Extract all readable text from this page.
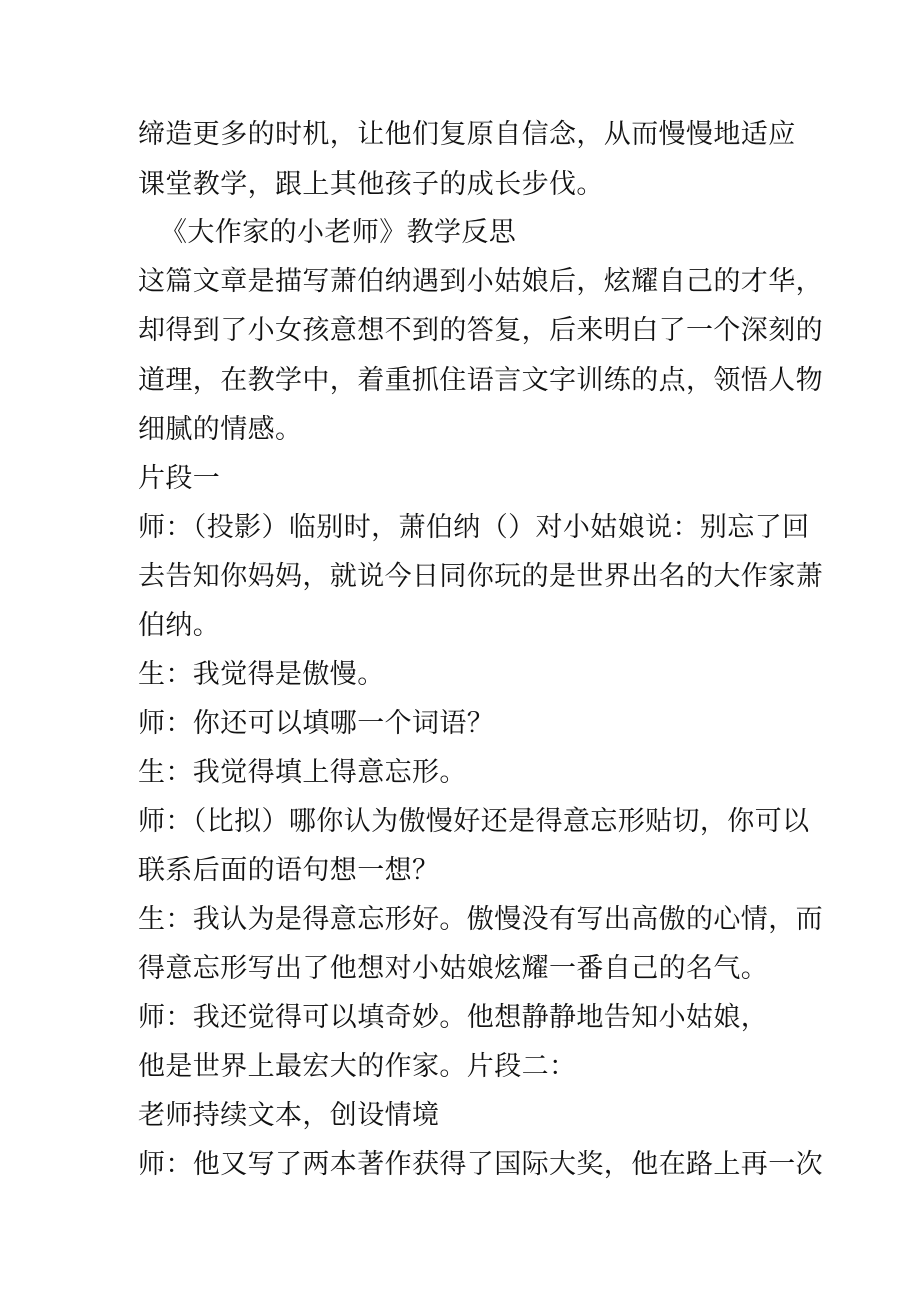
缔造更多的时机，让他们复原自信念，从而慢慢地适应
课堂教学，跟上其他孩子的成长步伐。
《大作家的小老师》教学反思
这篇文章是描写萧伯纳遇到小姑娘后，炫耀自己的才华，
却得到了小女孩意想不到的答复，后来明白了一个深刻的
道理，在教学中，着重抓住语言文字训练的点，领悟人物
细腻的情感。
片段一
师：（投影）临别时，萧伯纳（）对小姑娘说：别忘了回
去告知你妈妈，就说今日同你玩的是世界出名的大作家萧
伯纳。
生：我觉得是傲慢。
师：你还可以填哪一个词语？
生：我觉得填上得意忘形。
师：（比拟）哪你认为傲慢好还是得意忘形贴切，你可以
联系后面的语句想一想？
生：我认为是得意忘形好。傲慢没有写出高傲的心情，而
得意忘形写出了他想对小姑娘炫耀一番自己的名气。
师：我还觉得可以填奇妙。他想静静地告知小姑娘，
他是世界上最宏大的作家。片段二：
老师持续文本，创设情境
师：他又写了两本著作获得了国际大奖，他在路上再一次
